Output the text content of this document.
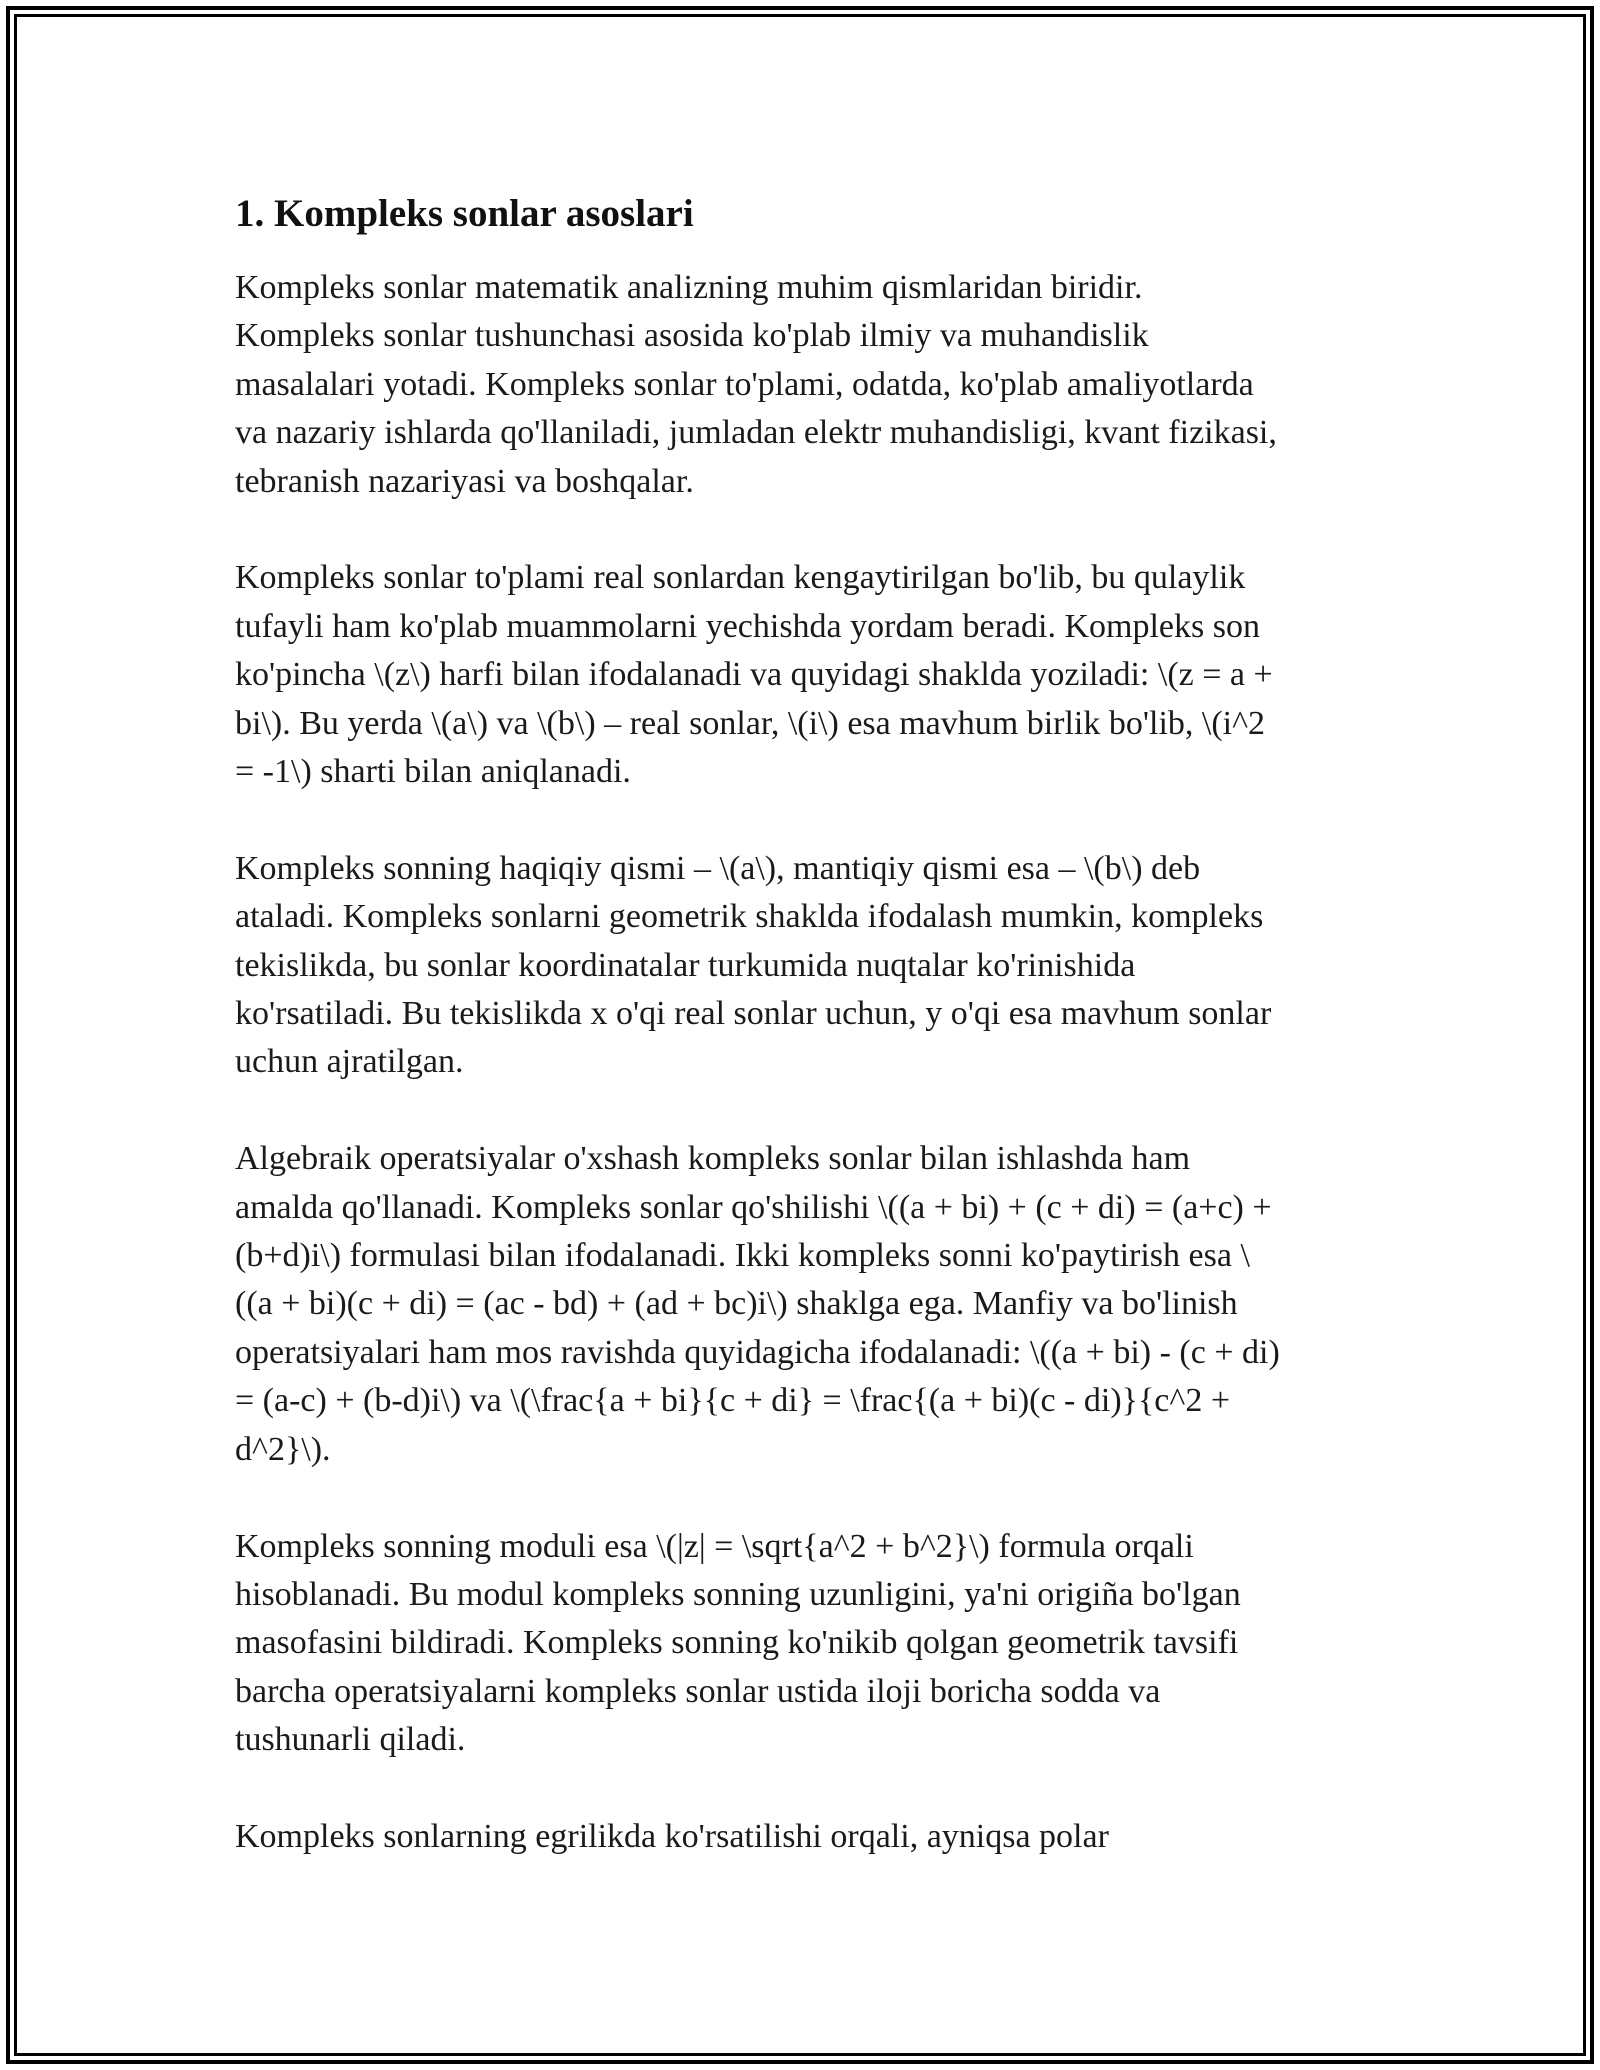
1. Kompleks sonlar asoslari
Kompleks sonlar matematik analizning muhim qismlaridan biridir.
Kompleks sonlar tushunchasi asosida ko'plab ilmiy va muhandislik
masalalari yotadi. Kompleks sonlar to'plami, odatda, ko'plab amaliyotlarda
va nazariy ishlarda qo'llaniladi, jumladan elektr muhandisligi, kvant fizikasi,
tebranish nazariyasi va boshqalar.
Kompleks sonlar to'plami real sonlardan kengaytirilgan bo'lib, bu qulaylik
tufayli ham ko'plab muammolarni yechishda yordam beradi. Kompleks son
ko'pincha \(z\) harfi bilan ifodalanadi va quyidagi shaklda yoziladi: \(z = a +
bi\). Bu yerda \(a\) va \(b\) – real sonlar, \(i\) esa mavhum birlik bo'lib, \(i^2
= -1\) sharti bilan aniqlanadi.
Kompleks sonning haqiqiy qismi – \(a\), mantiqiy qismi esa – \(b\) deb
ataladi. Kompleks sonlarni geometrik shaklda ifodalash mumkin, kompleks
tekislikda, bu sonlar koordinatalar turkumida nuqtalar ko'rinishida
ko'rsatiladi. Bu tekislikda x o'qi real sonlar uchun, y o'qi esa mavhum sonlar
uchun ajratilgan.
Algebraik operatsiyalar o'xshash kompleks sonlar bilan ishlashda ham
amalda qo'llanadi. Kompleks sonlar qo'shilishi \((a + bi) + (c + di) = (a+c) +
(b+d)i\) formulasi bilan ifodalanadi. Ikki kompleks sonni ko'paytirish esa \
((a + bi)(c + di) = (ac - bd) + (ad + bc)i\) shaklga ega. Manfiy va bo'linish
operatsiyalari ham mos ravishda quyidagicha ifodalanadi: \((a + bi) - (c + di)
= (a-c) + (b-d)i\) va \(\frac{a + bi}{c + di} = \frac{(a + bi)(c - di)}{c^2 +
d^2}\).
Kompleks sonning moduli esa \(|z| = \sqrt{a^2 + b^2}\) formula orqali
hisoblanadi. Bu modul kompleks sonning uzunligini, ya'ni origiña bo'lgan
masofasini bildiradi. Kompleks sonning ko'nikib qolgan geometrik tavsifi
barcha operatsiyalarni kompleks sonlar ustida iloji boricha sodda va
tushunarli qiladi.
Kompleks sonlarning egrilikda ko'rsatilishi orqali, ayniqsa polar
